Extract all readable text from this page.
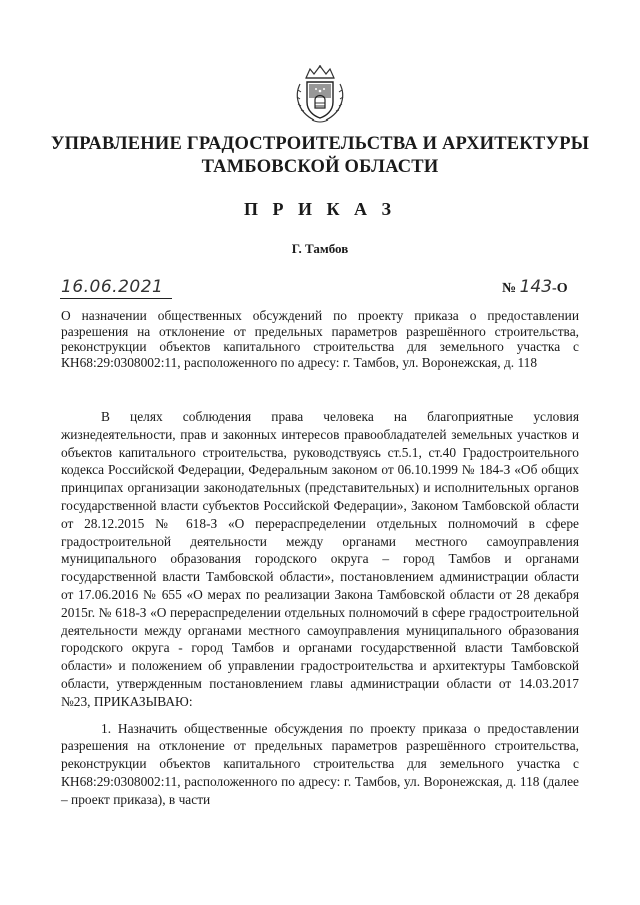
УПРАВЛЕНИЕ ГРАДОСТРОИТЕЛЬСТВА И АРХИТЕКТУРЫ ТАМБОВСКОЙ ОБЛАСТИ
П Р И К А З
Г. Тамбов
16.06.2021	№ 143-О
О назначении общественных обсуждений по проекту приказа о предоставлении разрешения на отклонение от предельных параметров разрешённого строительства, реконструкции объектов капитального строительства для земельного участка с КН68:29:0308002:11, расположенного по адресу: г. Тамбов, ул. Воронежская, д. 118

В целях соблюдения права человека на благоприятные условия жизнедеятельности, прав и законных интересов правообладателей земельных участков и объектов капитального строительства, руководствуясь ст.5.1, ст.40 Градостроительного кодекса Российской Федерации, Федеральным законом от 06.10.1999 № 184-З «Об общих принципах организации законодательных (представительных) и исполнительных органов государственной власти субъектов Российской Федерации», Законом Тамбовской области от 28.12.2015 № 618-З «О перераспределении отдельных полномочий в сфере градостроительной деятельности между органами местного самоуправления муниципального образования городского округа – город Тамбов и органами государственной власти Тамбовской области», постановлением администрации области от 17.06.2016 № 655 «О мерах по реализации Закона Тамбовской области от 28 декабря 2015г. № 618-З «О перераспределении отдельных полномочий в сфере градостроительной деятельности между органами местного самоуправления муниципального образования городского округа - город Тамбов и органами государственной власти Тамбовской области» и положением об управлении градостроительства и архитектуры Тамбовской области, утвержденным постановлением главы администрации области от 14.03.2017 №23, ПРИКАЗЫВАЮ:

1. Назначить общественные обсуждения по проекту приказа о предоставлении разрешения на отклонение от предельных параметров разрешённого строительства, реконструкции объектов капитального строительства для земельного участка с КН68:29:0308002:11, расположенного по адресу: г. Тамбов, ул. Воронежская, д. 118 (далее – проект приказа), в части
